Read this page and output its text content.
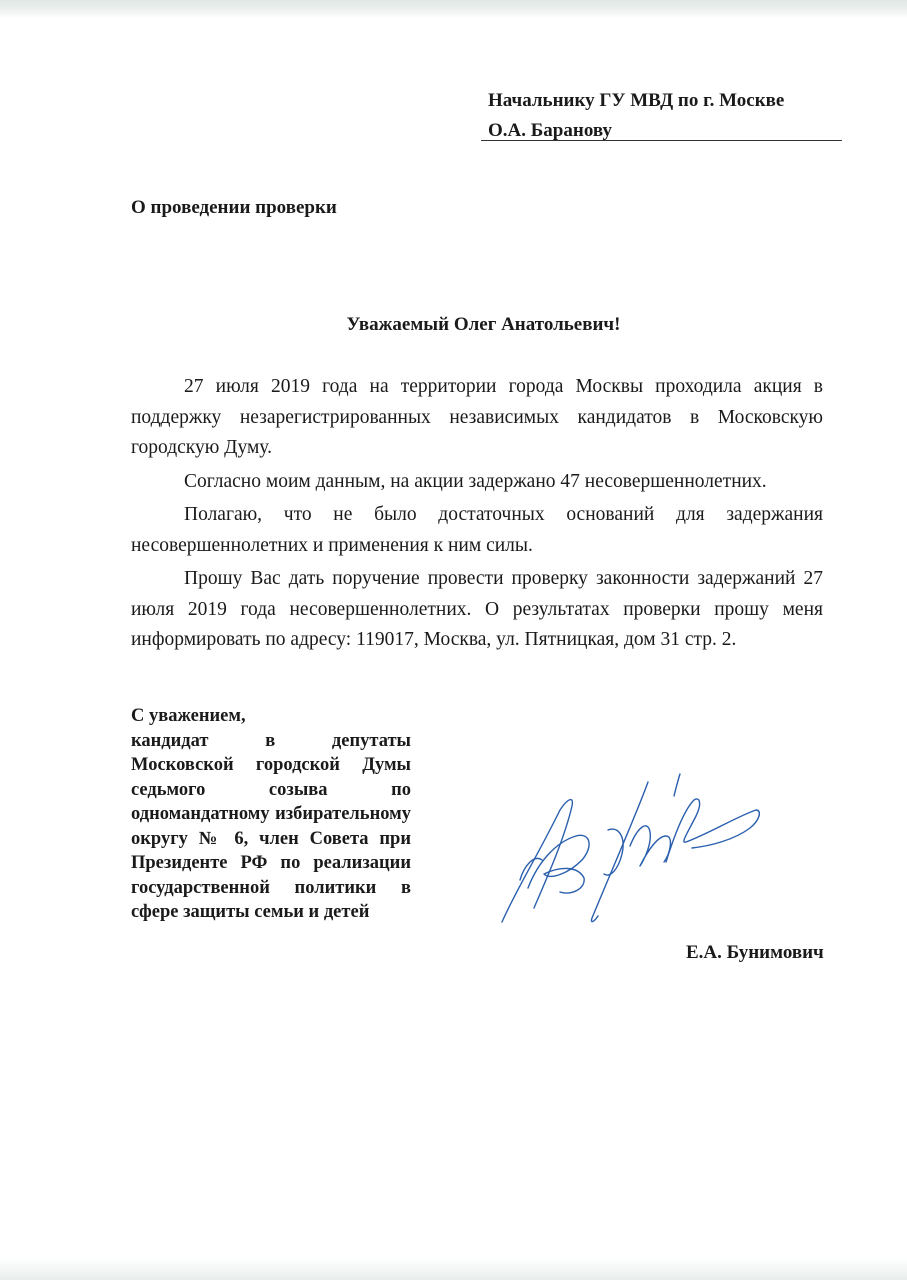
Начальнику ГУ МВД по г. Москве
О.А. Баранову
О проведении проверки
Уважаемый Олег Анатольевич!

27 июля 2019 года на территории города Москвы проходила акция в поддержку незарегистрированных независимых кандидатов в Московскую городскую Думу.

Согласно моим данным, на акции задержано 47 несовершеннолетних.

Полагаю, что не было достаточных оснований для задержания несовершеннолетних и применения к ним силы.

Прошу Вас дать поручение провести проверку законности задержаний 27 июля 2019 года несовершеннолетних. О результатах проверки прошу меня информировать по адресу: 119017, Москва, ул. Пятницкая, дом 31 стр. 2.

С уважением,
кандидат в депутаты Московской городской Думы седьмого созыва по одномандатному избирательному округу № 6, член Совета при Президенте РФ по реализации государственной политики в сфере защиты семьи и детей
Е.А. Бунимович
